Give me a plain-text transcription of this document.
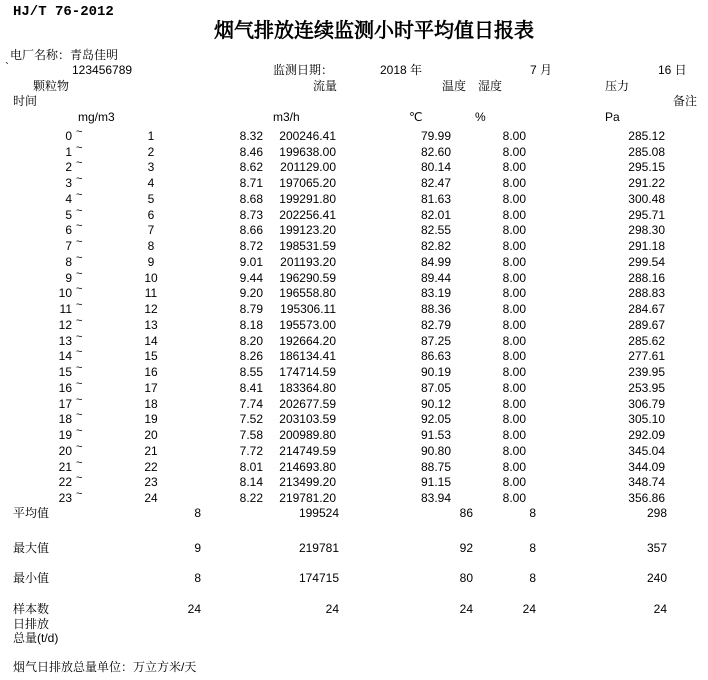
HJ/T 76-2012
烟气排放连续监测小时平均值日报表
电厂名称：青岛佳明
`	123456789	监测日期：	2018 年	7 月	16 日
颗粒物	流量	温度 湿度	压力
时间	备注
mg/m3	m3/h	℃	%	Pa
0 ~	1	8.32 200246.41	79.99	8.00	285.12
1 ~	2	8.46 199638.00	82.60	8.00	285.08
2 ~	3	8.62 201129.00	80.14	8.00	295.15
3 ~	4	8.71 197065.20	82.47	8.00	291.22
4 ~	5	8.68 199291.80	81.63	8.00	300.48
5 ~	6	8.73 202256.41	82.01	8.00	295.71
6 ~	7	8.66 199123.20	82.55	8.00	298.30
7 ~	8	8.72 198531.59	82.82	8.00	291.18
8 ~	9	9.01 201193.20	84.99	8.00	299.54
9 ~	10	9.44 196290.59	89.44	8.00	288.16
10 ~	11	9.20 196558.80	83.19	8.00	288.83
11 ~	12	8.79 195306.11	88.36	8.00	284.67
12 ~	13	8.18 195573.00	82.79	8.00	289.67
13 ~	14	8.20 192664.20	87.25	8.00	285.62
14 ~	15	8.26 186134.41	86.63	8.00	277.61
15 ~	16	8.55 174714.59	90.19	8.00	239.95
16 ~	17	8.41 183364.80	87.05	8.00	253.95
17 ~	18	7.74 202677.59	90.12	8.00	306.79
18 ~	19	7.52 203103.59	92.05	8.00	305.10
19 ~	20	7.58 200989.80	91.53	8.00	292.09
20 ~	21	7.72 214749.59	90.80	8.00	345.04
21 ~	22	8.01 214693.80	88.75	8.00	344.09
22 ~	23	8.14 213499.20	91.15	8.00	348.74
23 ~	24	8.22 219781.20	83.94	8.00	356.86
平均值	8	199524	86	8	298
最大值	9	219781	92	8	357
最小值	8	174715	80	8	240
样本数	24	24	24	24	24
日排放
总量(t/d)
烟气日排放总量单位：万立方米/天
